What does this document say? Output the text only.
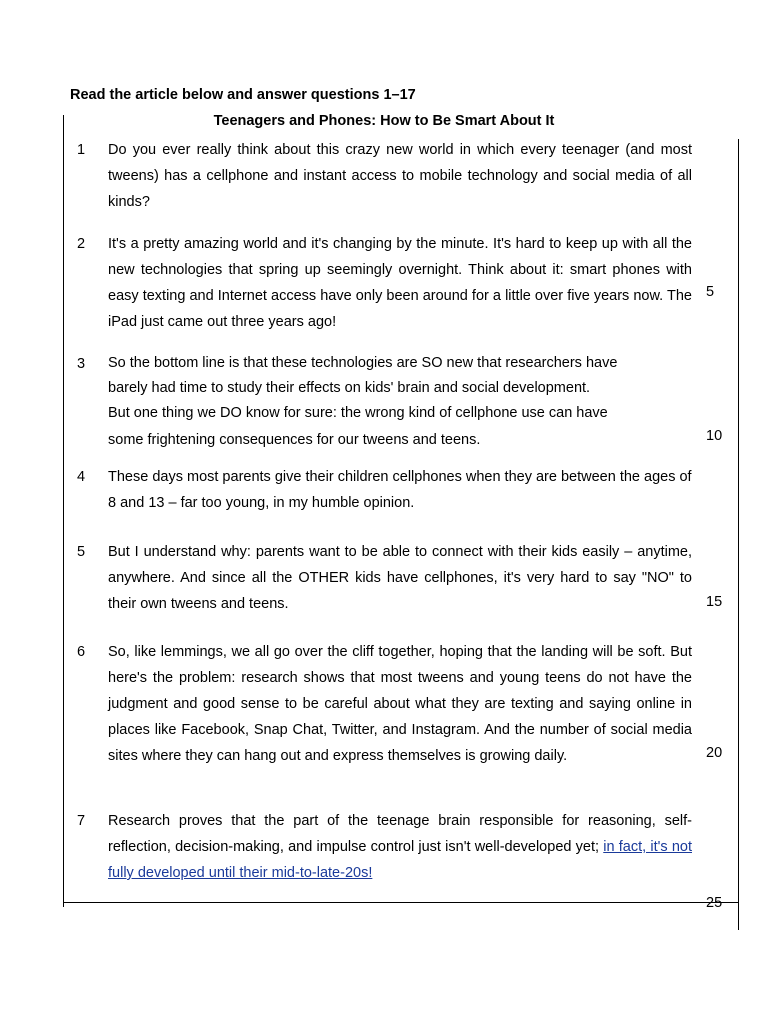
Read the article below and answer questions 1–17
Teenagers and Phones: How to Be Smart About It
1	Do you ever really think about this crazy new world in which every teenager (and most tweens) has a cellphone and instant access to mobile technology and social media of all kinds?
2	It's a pretty amazing world and it's changing by the minute. It's hard to keep up with all the new technologies that spring up seemingly overnight. Think about it: smart phones with easy texting and Internet access have only been around for a little over five years now. The iPad just came out three years ago!
3	So the bottom line is that these technologies are SO new that researchers have
barely had time to study their effects on kids' brain and social development.
But one thing we DO know for sure: the wrong kind of cellphone use can have
some frightening consequences for our tweens and teens.
4	These days most parents give their children cellphones when they are between the ages of 8 and 13 – far too young, in my humble opinion.
5	But I understand why: parents want to be able to connect with their kids easily – anytime, anywhere. And since all the OTHER kids have cellphones, it's very hard to say "NO" to their own tweens and teens.
6	So, like lemmings, we all go over the cliff together, hoping that the landing will be soft. But here's the problem: research shows that most tweens and young teens do not have the judgment and good sense to be careful about what they are texting and saying online in places like Facebook, Snap Chat, Twitter, and Instagram. And the number of social media sites where they can hang out and express themselves is growing daily.
7	Research proves that the part of the teenage brain responsible for reasoning, self-reflection, decision-making, and impulse control just isn't well-developed yet; in fact, it's not fully developed until their mid-to-late-20s!
5
10
15
20
25
